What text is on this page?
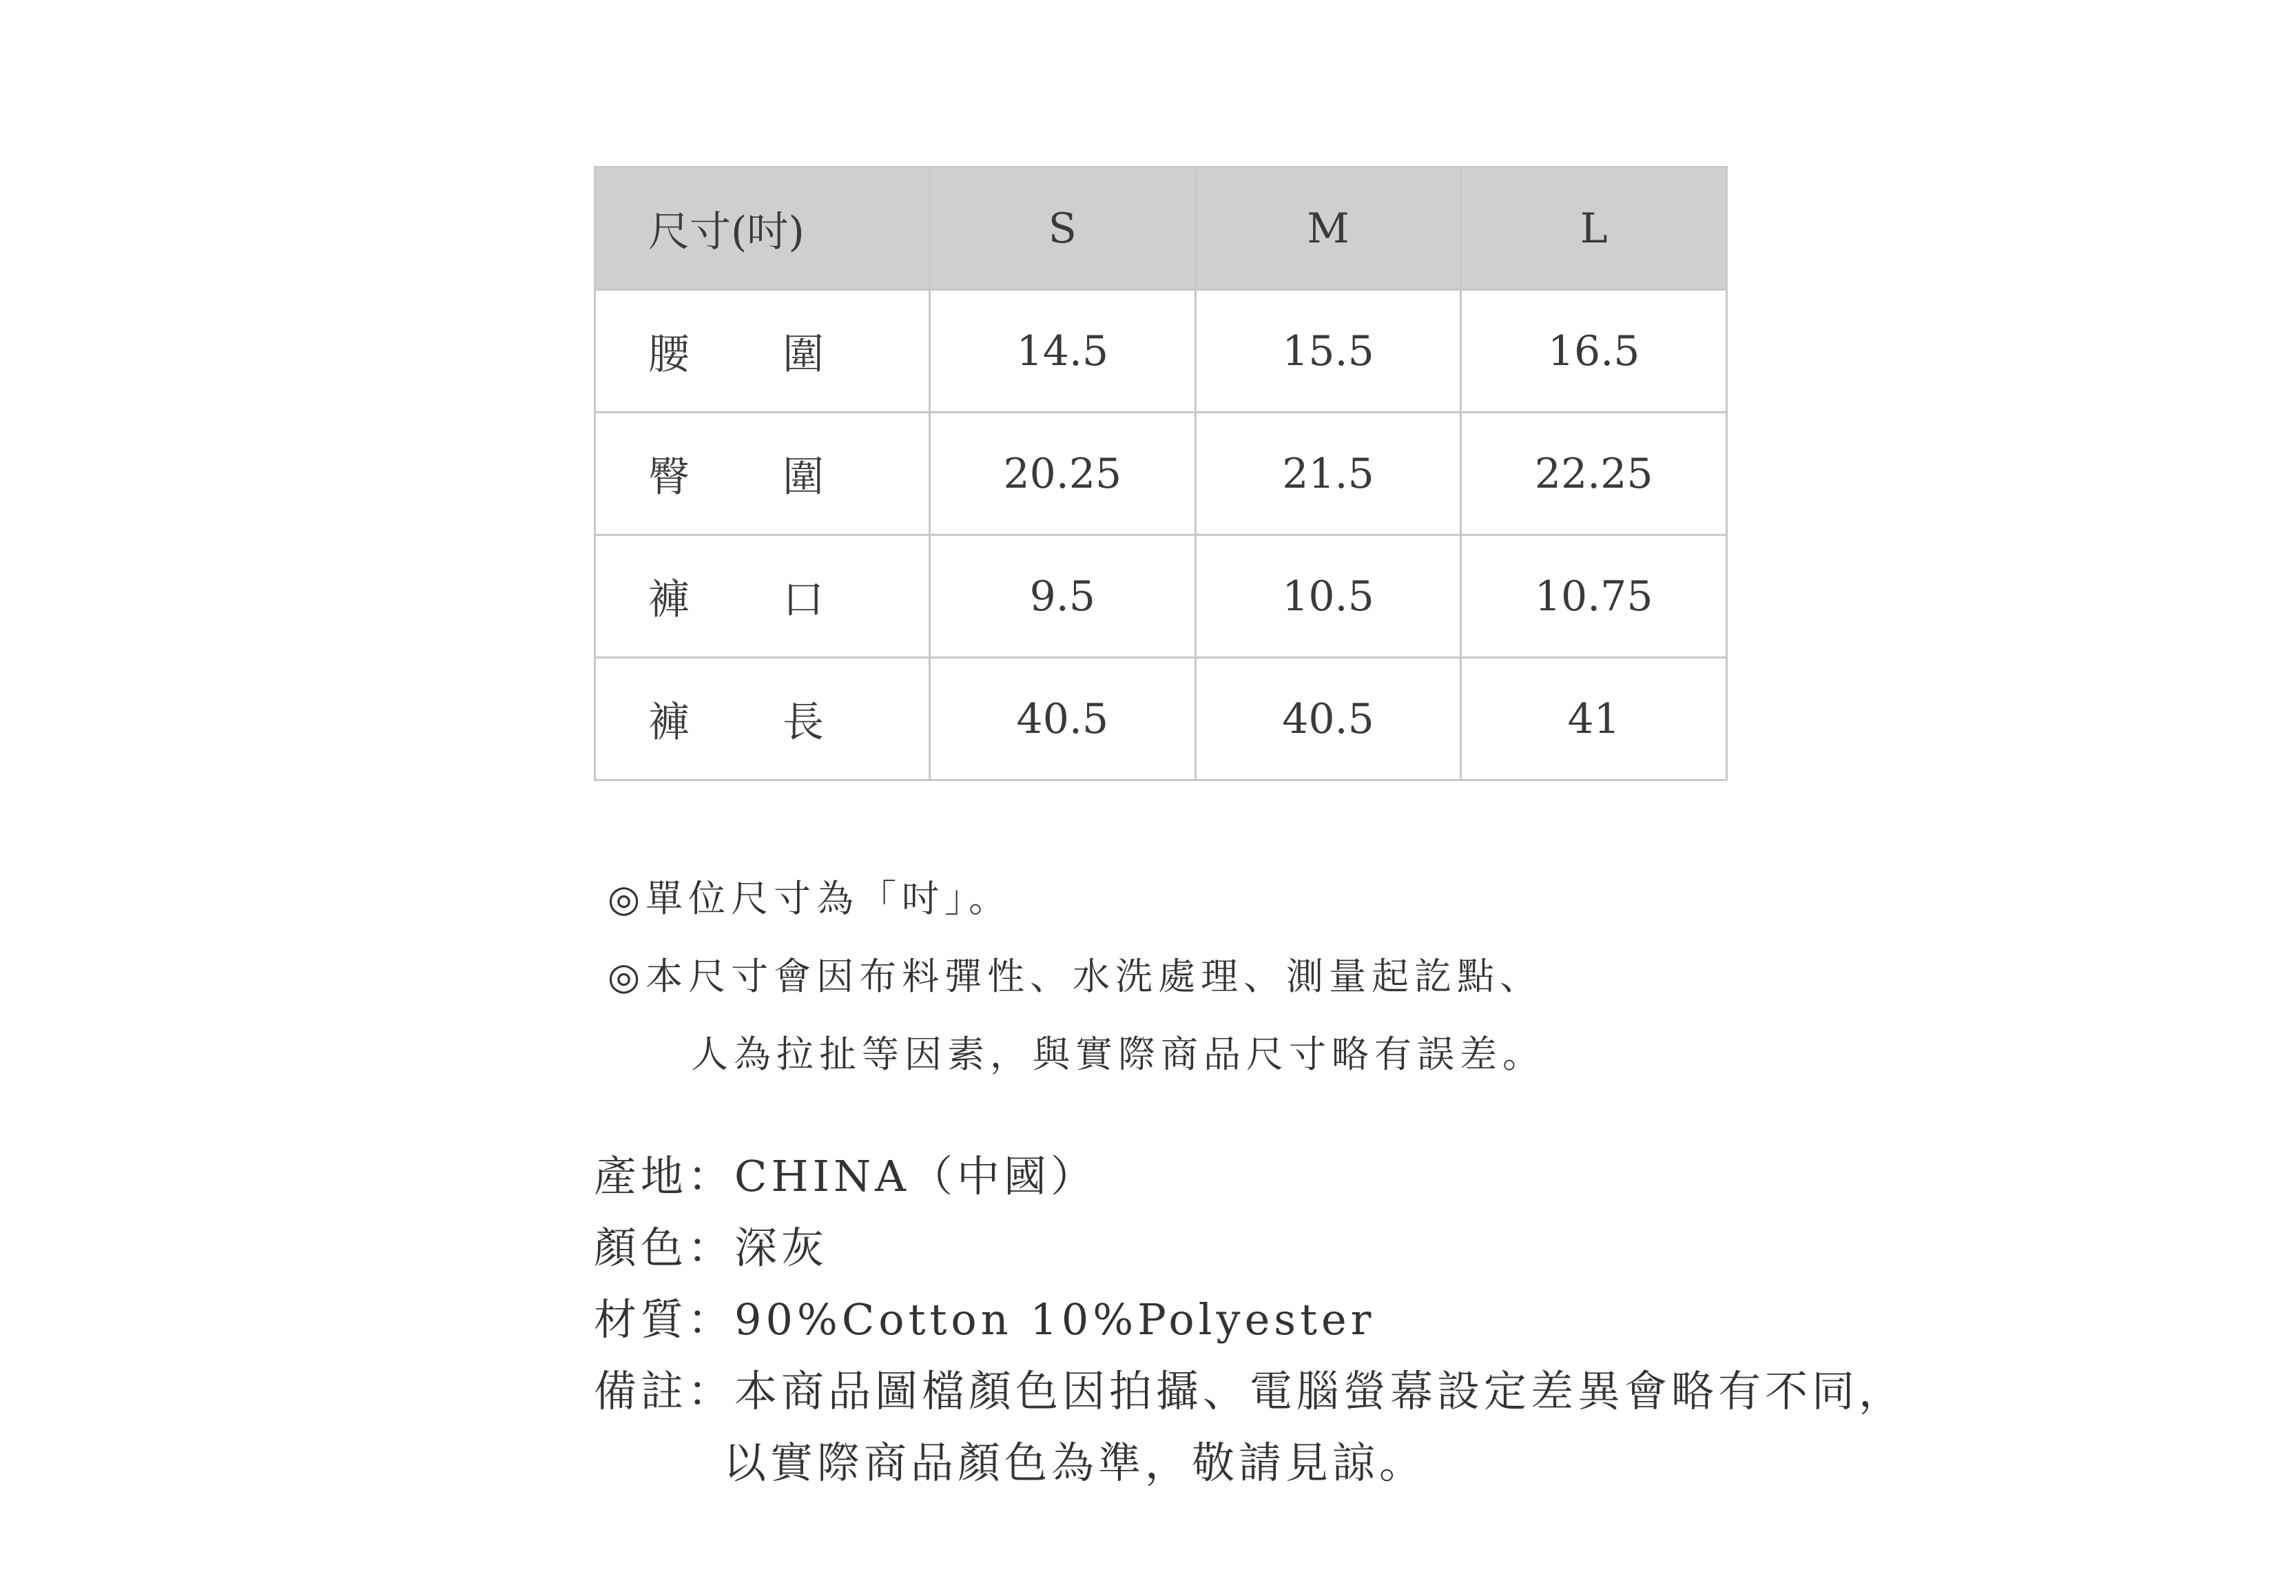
尺寸(吋)	S	M	L

腰 圍	14.5	15.5	16.5

臀 圍	20.25	21.5	22.25

褲 口	9.5	10.5	10.75

褲 長	40.5	40.5	41
◎單位尺寸為「吋」。
◎本尺寸會因布料彈性、水洗處理、測量起訖點、
人為拉扯等因素，與實際商品尺寸略有誤差。
產地：CHINA（中國）
顏色：深灰
材質：90%Cotton 10%Polyester
備註：本商品圖檔顏色因拍攝、電腦螢幕設定差異會略有不同，
以實際商品顏色為準，敬請見諒。
